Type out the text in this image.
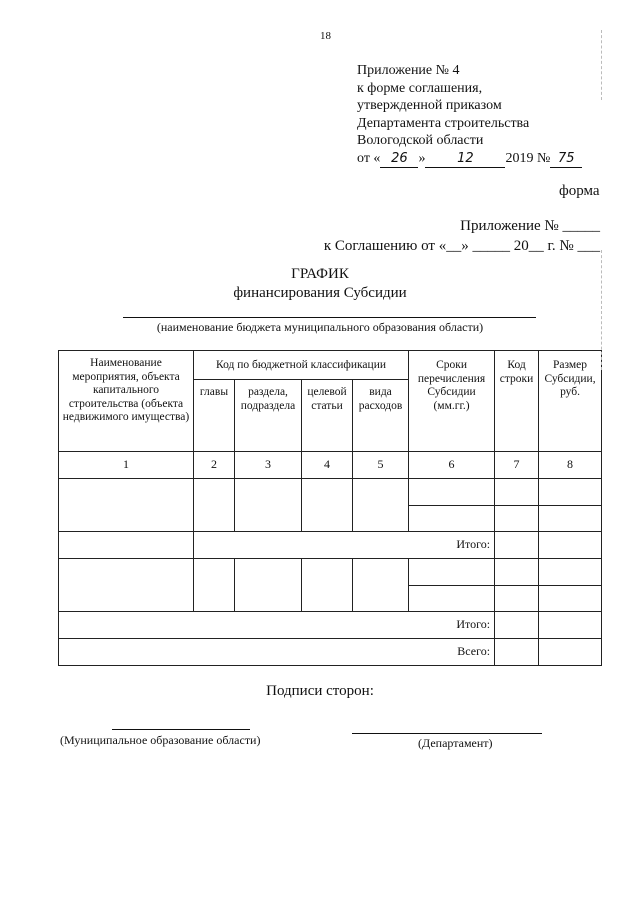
18
Приложение № 4
к форме соглашения,
утвержденной приказом
Департамента строительства
Вологодской области
от « 26 » 12 2019 № 75
форма
Приложение № _____
к Соглашению от «__» _____ 20__ г. № ___
ГРАФИК
финансирования Субсидии
(наименование бюджета муниципального образования области)
Наименование мероприятия, объекта капитального строительства (объекта недвижимого имущества)	Код по бюджетной классификации				Сроки перечисления Субсидии (мм.гг.)	Код строки	Размер Субсидии, руб.
	главы	раздела, подраздела	целевой статьи	вида расходов			
1	2	3	4	5	6	7	8

	Итого:						

Итого:							
Всего:							
Подписи сторон:
(Муниципальное образование области)	(Департамент)
